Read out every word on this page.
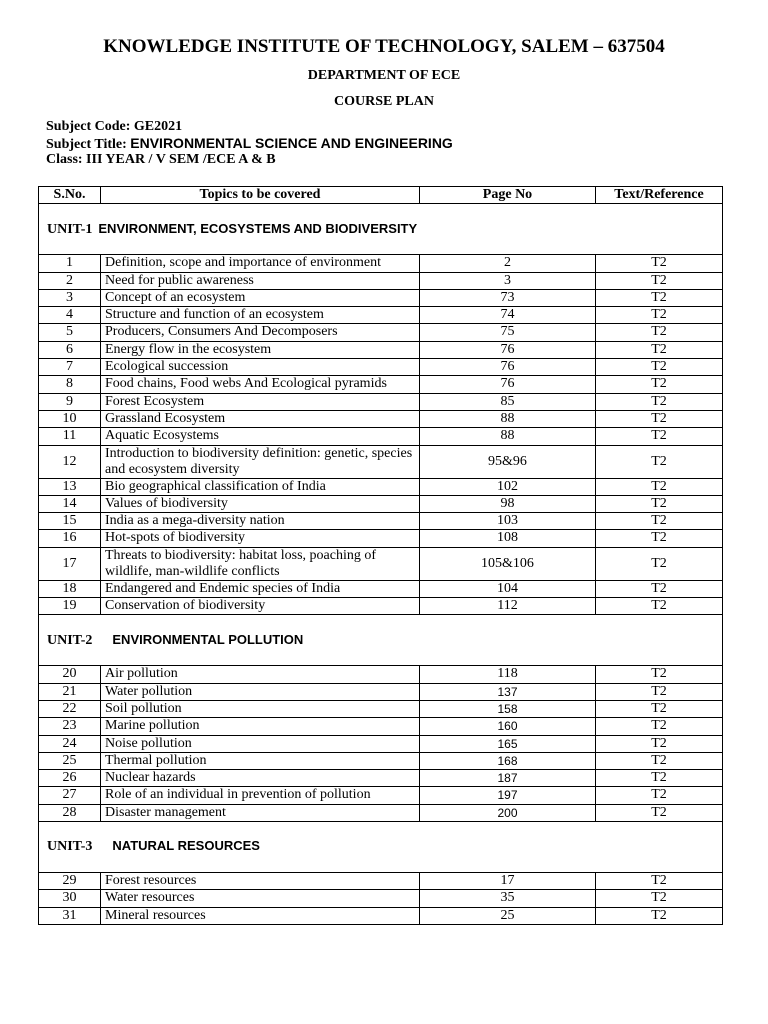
KNOWLEDGE INSTITUTE OF TECHNOLOGY, SALEM – 637504
DEPARTMENT OF ECE
COURSE PLAN
Subject Code: GE2021
Subject Title: ENVIRONMENTAL SCIENCE AND ENGINEERING
Class: III YEAR / V SEM /ECE A & B
S.No.	Topics to be covered	Page No	Text/Reference
UNIT-1 ENVIRONMENT, ECOSYSTEMS AND BIODIVERSITY			
1	Definition, scope and importance of environment	2	T2
2	Need for public awareness	3	T2
3	Concept of an ecosystem	73	T2
4	Structure and function of an ecosystem	74	T2
5	Producers, Consumers And Decomposers	75	T2
6	Energy flow in the ecosystem	76	T2
7	Ecological succession	76	T2
8	Food chains, Food webs And Ecological pyramids	76	T2
9	Forest Ecosystem	85	T2
10	Grassland Ecosystem	88	T2
11	Aquatic Ecosystems	88	T2
12	Introduction to biodiversity definition: genetic, species and ecosystem diversity	95&96	T2
13	Bio geographical classification of India	102	T2
14	Values of biodiversity	98	T2
15	India as a mega-diversity nation	103	T2
16	Hot-spots of biodiversity	108	T2
17	Threats to biodiversity: habitat loss, poaching of wildlife, man-wildlife conflicts	105&106	T2
18	Endangered and Endemic species of India	104	T2
19	Conservation of biodiversity	112	T2
UNIT-2 ENVIRONMENTAL POLLUTION			
20	Air pollution	118	T2
21	Water pollution	137	T2
22	Soil pollution	158	T2
23	Marine pollution	160	T2
24	Noise pollution	165	T2
25	Thermal pollution	168	T2
26	Nuclear hazards	187	T2
27	Role of an individual in prevention of pollution	197	T2
28	Disaster management	200	T2
UNIT-3 NATURAL RESOURCES			
29	Forest resources	17	T2
30	Water resources	35	T2
31	Mineral resources	25	T2
